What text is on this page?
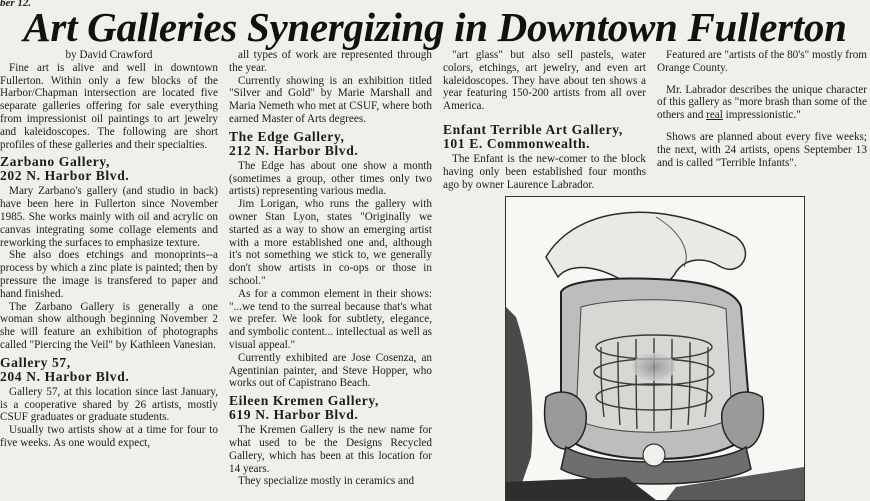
ber 12.
Art Galleries Synergizing in Downtown Fullerton
by David Crawford

Fine art is alive and well in downtown Fullerton. Within only a few blocks of the Harbor/Chapman intersection are located five separate galleries offering for sale everything from impressionist oil paintings to art jewelry and kaleidoscopes. The following are short profiles of these galleries and their specialties.

Zarbano Gallery,
202 N. Harbor Blvd.

Mary Zarbano's gallery (and studio in back) have been here in Fullerton since November 1985. She works mainly with oil and acrylic on canvas integrating some collage elements and reworking the surfaces to emphasize texture.

She also does etchings and monoprints--a process by which a zinc plate is painted; then by pressure the image is transfered to paper and hand finished.

The Zarbano Gallery is generally a one woman show although beginning November 2 she will feature an exhibition of photographs called "Piercing the Veil" by Kathleen Vanesian.

Gallery 57,
204 N. Harbor Blvd.

Gallery 57, at this location since last January, is a cooperative shared by 26 artists, mostly CSUF graduates or graduate students.

Usually two artists show at a time for four to five weeks. As one would expect,

all types of work are represented through the year.

Currently showing is an exhibition titled "Silver and Gold" by Marie Marshall and Maria Nemeth who met at CSUF, where both earned Master of Arts degrees.

The Edge Gallery,
212 N. Harbor Blvd.

The Edge has about one show a month (sometimes a group, other times only two artists) representing various media.

Jim Lorigan, who runs the gallery with owner Stan Lyon, states "Originally we started as a way to show an emerging artist with a more established one and, although it's not something we stick to, we generally don't show artists in co-ops or those in school."

As for a common element in their shows: "...we tend to the surreal because that's what we prefer. We look for subtlety, elegance, and symbolic content... intellectual as well as visual appeal."

Currently exhibited are Jose Cosenza, an Agentinian painter, and Steve Hopper, who works out of Capistrano Beach.

Eileen Kremen Gallery,
619 N. Harbor Blvd.

The Kremen Gallery is the new name for what used to be the Designs Recycled Gallery, which has been at this location for 14 years.

They specialize mostly in ceramics and

"art glass" but also sell pastels, water colors, etchings, art jewelry, and even art kaleidoscopes. They have about ten shows a year featuring 150-200 artists from all over America.

Enfant Terrible Art Gallery,
101 E. Commonwealth.

The Enfant is the new-comer to the block having only been established four months ago by owner Laurence Labrador.

Featured are "artists of the 80's" mostly from Orange County.

Mr. Labrador describes the unique character of this gallery as "more brash than some of the others and real impressionistic."

Shows are planned about every five weeks; the next, with 24 artists, opens September 13 and is called "Terrible Infants".
